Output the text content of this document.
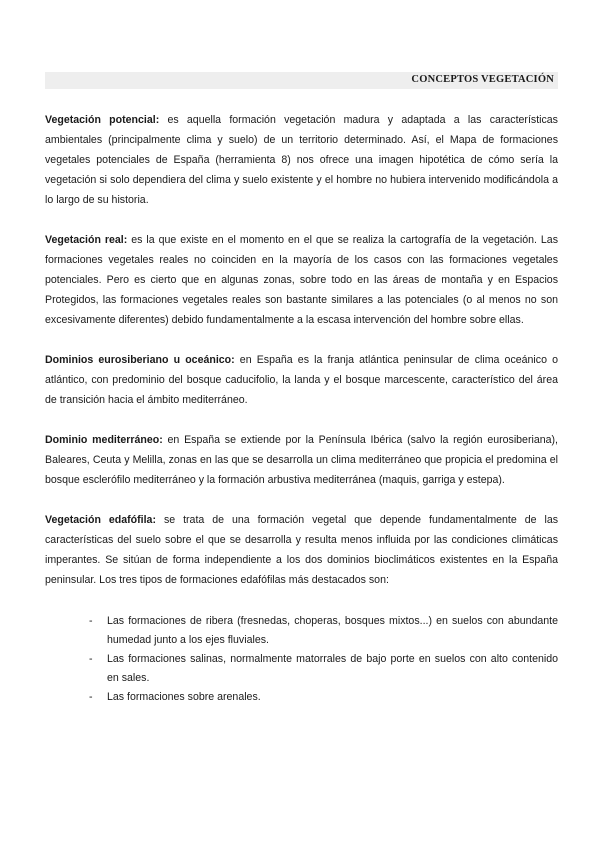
CONCEPTOS VEGETACIÓN

Vegetación potencial: es aquella formación vegetación madura y adaptada a las características ambientales (principalmente clima y suelo) de un territorio determinado. Así, el Mapa de formaciones vegetales potenciales de España (herramienta 8) nos ofrece una imagen hipotética de cómo sería la vegetación si solo dependiera del clima y suelo existente y el hombre no hubiera intervenido modificándola a lo largo de su historia.

Vegetación real: es la que existe en el momento en el que se realiza la cartografía de la vegetación. Las formaciones vegetales reales no coinciden en la mayoría de los casos con las formaciones vegetales potenciales. Pero es cierto que en algunas zonas, sobre todo en las áreas de montaña y en Espacios Protegidos, las formaciones vegetales reales son bastante similares a las potenciales (o al menos no son excesivamente diferentes) debido fundamentalmente a la escasa intervención del hombre sobre ellas.

Dominios eurosiberiano u oceánico: en España es la franja atlántica peninsular de clima oceánico o atlántico, con predominio del bosque caducifolio, la landa y el bosque marcescente, característico del área de transición hacia el ámbito mediterráneo.

Dominio mediterráneo: en España se extiende por la Península Ibérica (salvo la región eurosiberiana), Baleares, Ceuta y Melilla, zonas en las que se desarrolla un clima mediterráneo que propicia el predomina el bosque esclerófilo mediterráneo y la formación arbustiva mediterránea (maquis, garriga y estepa).

Vegetación edafófila: se trata de una formación vegetal que depende fundamentalmente de las características del suelo sobre el que se desarrolla y resulta menos influida por las condiciones climáticas imperantes. Se sitúan de forma independiente a los dos dominios bioclimáticos existentes en la España peninsular. Los tres tipos de formaciones edafófilas más destacados son:

- Las formaciones de ribera (fresnedas, choperas, bosques mixtos...) en suelos con abundante humedad junto a los ejes fluviales.
- Las formaciones salinas, normalmente matorrales de bajo porte en suelos con alto contenido en sales.
- Las formaciones sobre arenales.
